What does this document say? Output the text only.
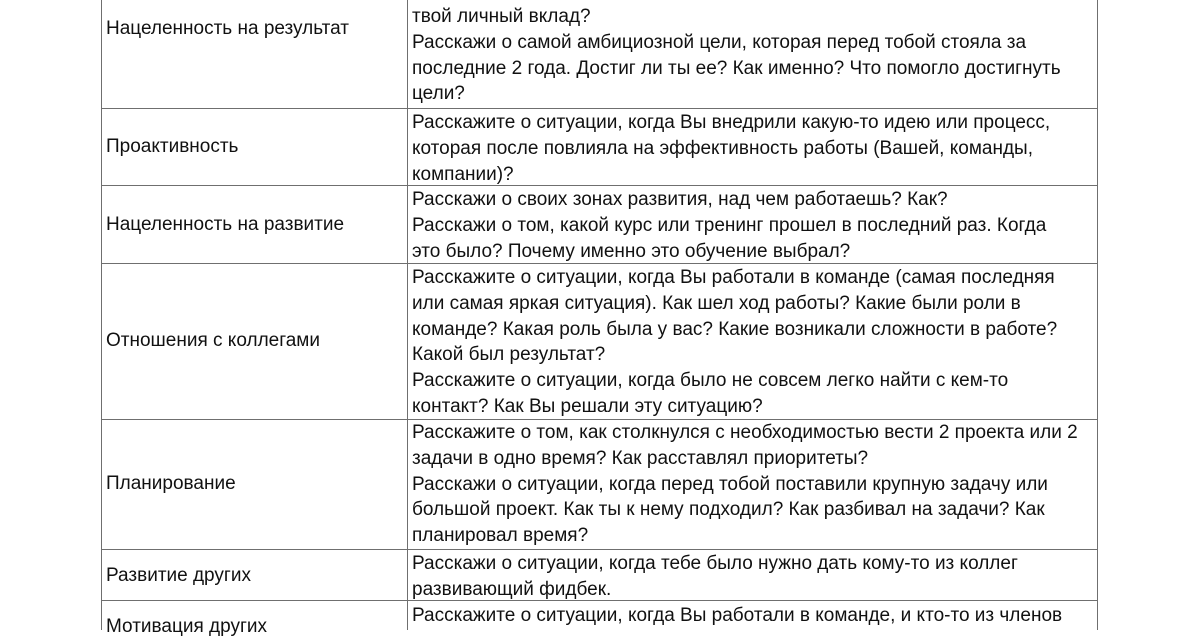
Нацеленность на результат
твой личный вклад?
Расскажи о самой амбициозной цели, которая перед тобой стояла за
последние 2 года. Достиг ли ты ее? Как именно? Что помогло достигнуть
цели?
Проактивность
Расскажите о ситуации, когда Вы внедрили какую-то идею или процесс,
которая после повлияла на эффективность работы (Вашей, команды,
компании)?
Нацеленность на развитие
Расскажи о своих зонах развития, над чем работаешь? Как?
Расскажи о том, какой курс или тренинг прошел в последний раз. Когда
это было? Почему именно это обучение выбрал?
Отношения с коллегами
Расскажите о ситуации, когда Вы работали в команде (самая последняя
или самая яркая ситуация). Как шел ход работы? Какие были роли в
команде? Какая роль была у вас? Какие возникали сложности в работе?
Какой был результат?
Расскажите о ситуации, когда было не совсем легко найти с кем-то
контакт? Как Вы решали эту ситуацию?
Планирование
Расскажите о том, как столкнулся с необходимостью вести 2 проекта или 2
задачи в одно время? Как расставлял приоритеты?
Расскажи о ситуации, когда перед тобой поставили крупную задачу или
большой проект. Как ты к нему подходил? Как разбивал на задачи? Как
планировал время?
Развитие других
Расскажи о ситуации, когда тебе было нужно дать кому-то из коллег
развивающий фидбек.
Мотивация других
Расскажите о ситуации, когда Вы работали в команде, и кто-то из членов
